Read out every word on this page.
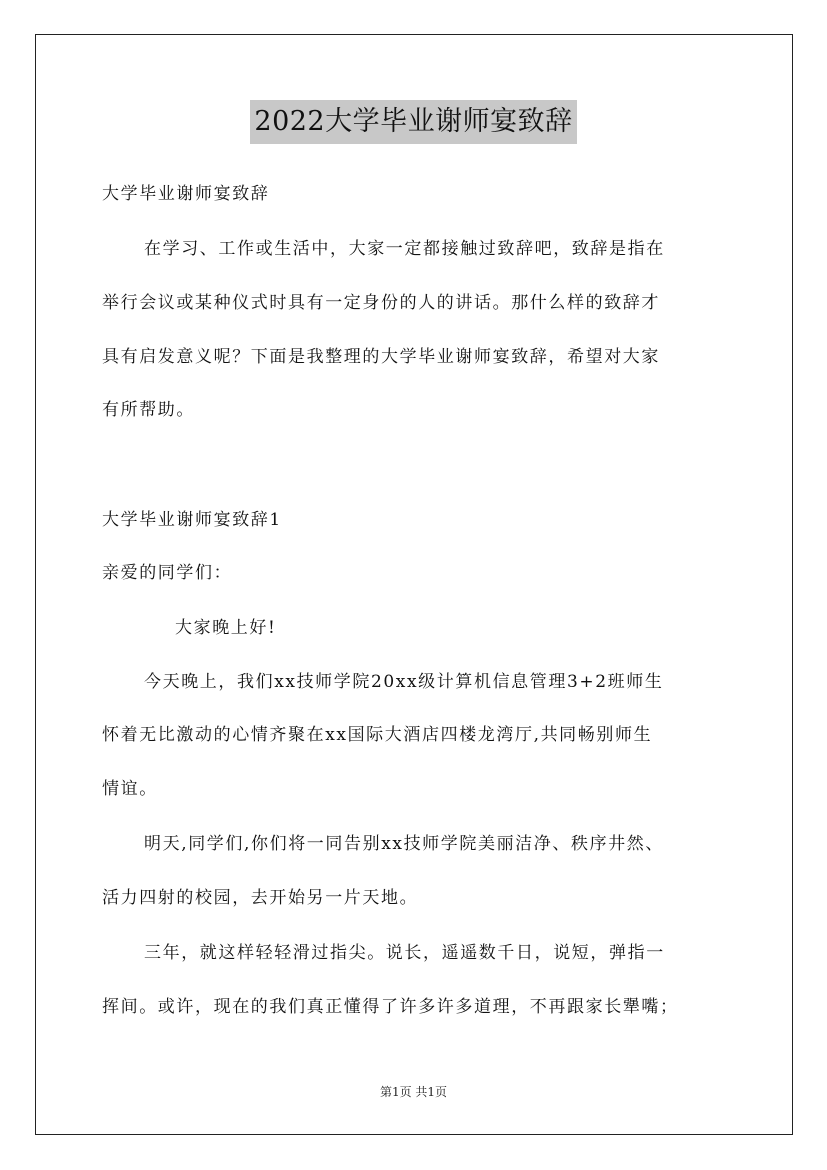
2022大学毕业谢师宴致辞
大学毕业谢师宴致辞
在学习、工作或生活中，大家一定都接触过致辞吧，致辞是指在
举行会议或某种仪式时具有一定身份的人的讲话。那什么样的致辞才
具有启发意义呢？下面是我整理的大学毕业谢师宴致辞，希望对大家
有所帮助。
大学毕业谢师宴致辞1
亲爱的同学们：
大家晚上好!
今天晚上，我们xx技师学院20xx级计算机信息管理3+2班师生
怀着无比激动的心情齐聚在xx国际大酒店四楼龙湾厅,共同畅别师生
情谊。
明天,同学们,你们将一同告别xx技师学院美丽洁净、秩序井然、
活力四射的校园，去开始另一片天地。
三年，就这样轻轻滑过指尖。说长，遥遥数千日，说短，弹指一
挥间。或许，现在的我们真正懂得了许多许多道理，不再跟家长犟嘴；
第1页 共1页
